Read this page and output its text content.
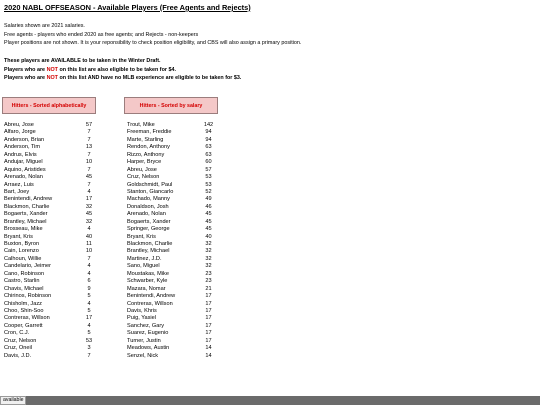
2020 NABL OFFSEASON - Available Players (Free Agents and Rejects)
Salaries shown are 2021 salaries.
Free agents - players who ended 2020 as free agents; and Rejects - non-keepers
Player positions are not shown. It is your reponsibility to check position eligibility, and CBS will also assign a primary position.
These players are AVAILABLE to be taken in the Winter Draft.
Players who are NOT on this list are also eligible to be taken for $4.
Players who are NOT on this list AND have no MLB experience are eligible to be taken for $3.
Hitters - Sorted alphabetically	Hitters - Sorted by salary
Abreu, Jose	57
Alfaro, Jorge	7
Anderson, Brian	7
Anderson, Tim	13
Andrus, Elvis	7
Andujar, Miguel	10
Aquino, Aristides	7
Arenado, Nolan	45
Arraez, Luis	7
Bart, Joey	4
Benintendi, Andrew	17
Blackmon, Charlie	32
Bogaerts, Xander	45
Brantley, Michael	32
Brosseau, Mike	4
Bryant, Kris	40
Buxton, Byron	11
Cain, Lorenzo	10
Calhoun, Willie	7
Candelario, Jeimer	4
Cano, Robinson	4
Castro, Starlin	6
Chavis, Michael	9
Chirinos, Robinson	5
Chisholm, Jazz	4
Choo, Shin-Soo	5
Contreras, Willson	17
Cooper, Garrett	4
Cron, C.J.	5
Cruz, Nelson	53
Cruz, Oneil	3
Davis, J.D.	7
Trout, Mike	142
Freeman, Freddie	94
Marte, Starling	94
Rendon, Anthony	63
Rizzo, Anthony	63
Harper, Bryce	60
Abreu, Jose	57
Cruz, Nelson	53
Goldschmidt, Paul	53
Stanton, Giancarlo	52
Machado, Manny	49
Donaldson, Josh	46
Arenado, Nolan	45
Bogaerts, Xander	45
Springer, George	45
Bryant, Kris	40
Blackmon, Charlie	32
Brantley, Michael	32
Martinez, J.D.	32
Sano, Miguel	32
Moustakas, Mike	23
Schwarber, Kyle	23
Mazara, Nomar	21
Benintendi, Andrew	17
Contreras, Willson	17
Davis, Khris	17
Puig, Yasiel	17
Sanchez, Gary	17
Suarez, Eugenio	17
Turner, Justin	17
Meadows, Austin	14
Senzel, Nick	14
available
